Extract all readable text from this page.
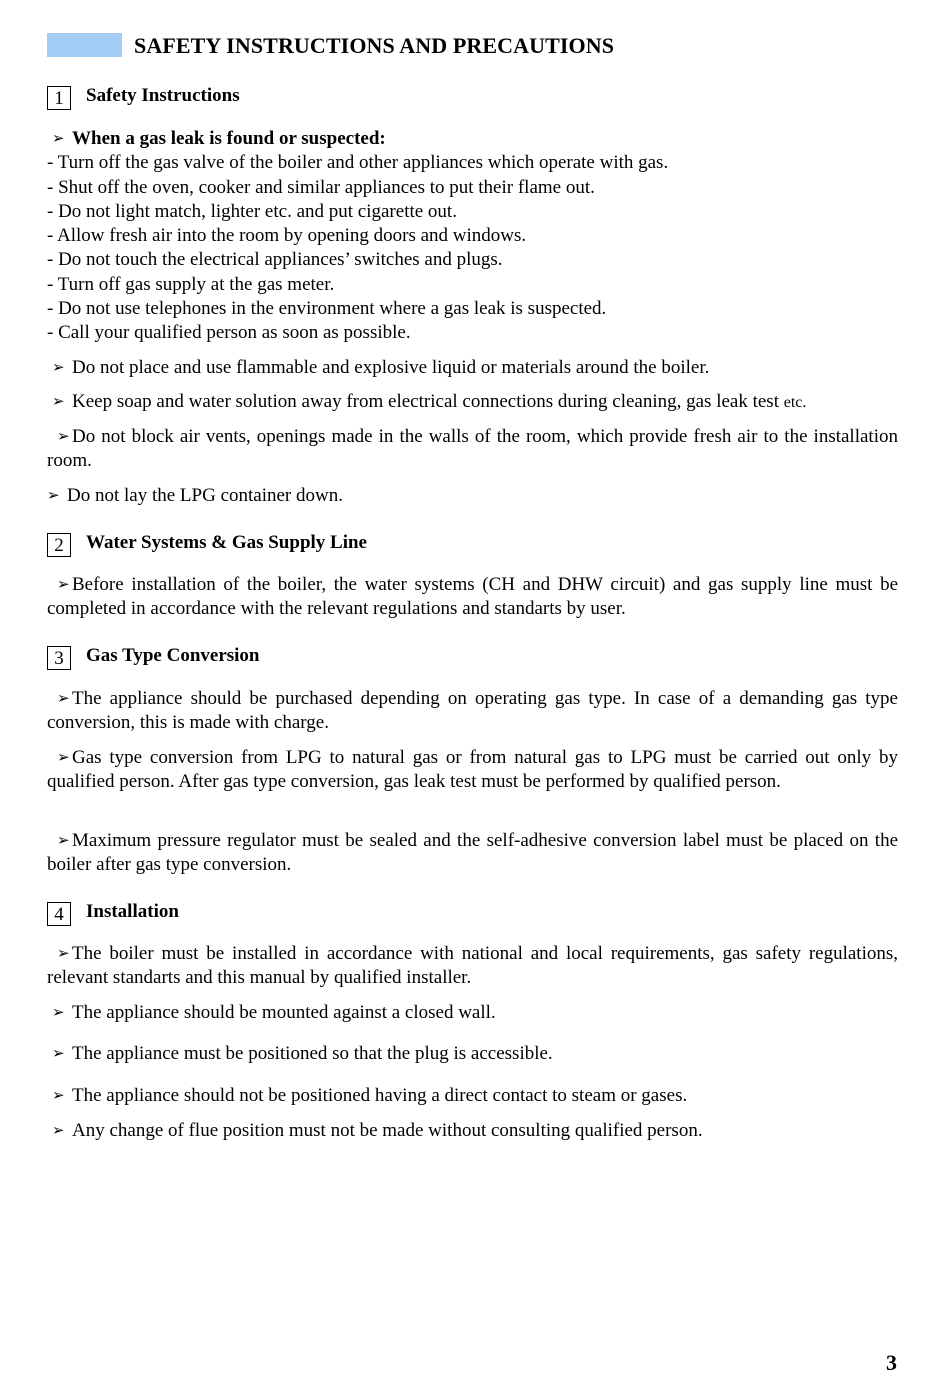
SAFETY INSTRUCTIONS AND PRECAUTIONS
1	Safety Instructions
➢ When a gas leak is found or suspected:
- Turn off the gas valve of the boiler and other appliances which operate with gas.
- Shut off the oven, cooker and similar appliances to put their flame out.
- Do not light match, lighter etc. and put cigarette out.
- Allow fresh air into the room by opening doors and windows.
- Do not touch the electrical appliances’ switches and plugs.
- Turn off gas supply at the gas meter.
- Do not use telephones in the environment where a gas leak is suspected.
- Call your qualified person as soon as possible.
➢ Do not place and use flammable and explosive liquid or materials around the boiler.
➢ Keep soap and water solution away from electrical connections during cleaning, gas leak test etc.
➢ Do not block air vents, openings made in the walls of the room, which provide fresh air to the installation room.
➢ Do not lay the LPG container down.
2	Water Systems & Gas Supply Line
➢ Before installation of the boiler, the water systems (CH and DHW circuit) and gas supply line must be completed in accordance with the relevant regulations and standarts by user.
3	Gas Type Conversion
➢ The appliance should be purchased depending on operating gas type. In case of a demanding gas type conversion, this is made with charge.
➢ Gas type conversion from LPG to natural gas or from natural gas to LPG must be carried out only by qualified person. After gas type conversion, gas leak test must be performed by qualified person.
➢ Maximum pressure regulator must be sealed and the self-adhesive conversion label must be placed on the boiler after gas type conversion.
4	Installation
➢ The boiler must be installed in accordance with national and local requirements, gas safety regulations, relevant standarts and this manual by qualified installer.
➢ The appliance should be mounted against a closed wall.
➢ The appliance must be positioned so that the plug is accessible.
➢ The appliance should not be positioned having a direct contact to steam or gases.
➢ Any change of flue position must not be made without consulting qualified person.
3
